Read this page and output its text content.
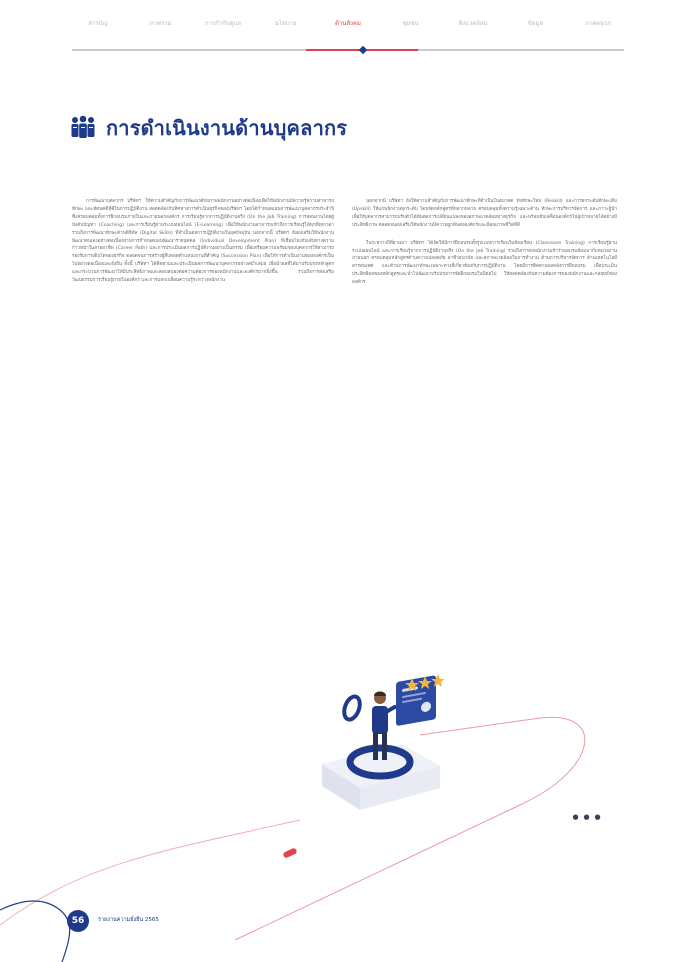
สารบัญ	ภาพรวม	การกำกับดูแล	นโยบาย	ด้านสังคม	ชุมชน	สิ่งแวดล้อม	ข้อมูล	ภาคผนวก
การดำเนินงานด้านบุคลากร

การพัฒนาบุคลากร บริษัทฯ ให้ความสำคัญกับการพัฒนาศักยภาพพนักงานอย่างต่อเนื่องเพื่อให้พนักงานมีความรู้ความสามารถ ทักษะ และทัศนคติที่ดีในการปฏิบัติงาน สอดคล้องกับทิศทางการดำเนินธุรกิจของบริษัทฯ โดยได้กำหนดแผนการพัฒนาบุคลากรประจำปี ซึ่งครอบคลุมทั้งการฝึกอบรมภายในและภายนอกองค์กร การเรียนรู้จากการปฏิบัติงานจริง (On the Job Training) การสอนงานโดยผู้บังคับบัญชา (Coaching) และการเรียนรู้ผ่านระบบออนไลน์ (E-Learning) เพื่อให้พนักงานสามารถเข้าถึงการเรียนรู้ได้ทุกที่ทุกเวลา รวมถึงการพัฒนาทักษะด้านดิจิทัล (Digital Skills) ที่จำเป็นต่อการปฏิบัติงานในยุคปัจจุบัน นอกจากนี้ บริษัทฯ ยังส่งเสริมให้พนักงานพัฒนาตนเองอย่างต่อเนื่องผ่านการกำหนดแผนพัฒนารายบุคคล (Individual Development Plan) ที่เชื่อมโยงกับเส้นทางความก้าวหน้าในสายอาชีพ (Career Path) และการประเมินผลการปฏิบัติงานอย่างเป็นธรรม เพื่อเตรียมความพร้อมของบุคลากรให้สามารถรองรับการเติบโตของธุรกิจ ตลอดจนการสร้างผู้สืบทอดตำแหน่งงานที่สำคัญ (Succession Plan) เพื่อให้การดำเนินงานขององค์กรเป็นไปอย่างต่อเนื่องและยั่งยืน ทั้งนี้ บริษัทฯ ได้ติดตามและประเมินผลการพัฒนาบุคลากรอย่างสม่ำเสมอ เพื่อนำผลที่ได้มาปรับปรุงหลักสูตรและกระบวนการพัฒนาให้มีประสิทธิภาพและตอบสนองต่อความต้องการของพนักงานและองค์กรมากยิ่งขึ้น รวมถึงการส่งเสริมวัฒนธรรมการเรียนรู้ภายในองค์กร และการแลกเปลี่ยนความรู้ระหว่างพนักงาน

นอกจากนี้ บริษัทฯ ยังให้ความสำคัญกับการพัฒนาทักษะที่จำเป็นในอนาคต ทั้งทักษะใหม่ (Reskill) และการยกระดับทักษะเดิม (Upskill) ให้แก่พนักงานทุกระดับ โดยจัดหลักสูตรที่หลากหลาย ครอบคลุมทั้งความรู้เฉพาะด้าน ทักษะการบริหารจัดการ และภาวะผู้นำ เพื่อให้บุคลากรสามารถปรับตัวได้ทันต่อการเปลี่ยนแปลงของสภาพแวดล้อมทางธุรกิจ และพร้อมขับเคลื่อนองค์กรไปสู่เป้าหมายได้อย่างมีประสิทธิภาพ ตลอดจนส่งเสริมให้พนักงานมีความผูกพันต่อองค์กรและมีคุณภาพชีวิตที่ดี

ในระหว่างปีที่ผ่านมา บริษัทฯ ได้จัดให้มีการฝึกอบรมทั้งรูปแบบการเรียนในห้องเรียน (Classroom Training) การเรียนรู้ผ่านระบบออนไลน์ และการเรียนรู้จากการปฏิบัติงานจริง (On the Job Training) รวมถึงการส่งพนักงานเข้าร่วมอบรมสัมมนากับหน่วยงานภายนอก ครอบคลุมหลักสูตรด้านความปลอดภัย อาชีวอนามัย และสภาพแวดล้อมในการทำงาน ด้านการบริหารจัดการ ด้านเทคโนโลยีสารสนเทศ และด้านการพัฒนาทักษะเฉพาะทางที่เกี่ยวข้องกับการปฏิบัติงาน โดยมีการติดตามผลหลังการฝึกอบรม เพื่อประเมินประสิทธิผลของหลักสูตรและนำไปพัฒนาปรับปรุงการจัดฝึกอบรมในปีต่อไป ให้สอดคล้องกับความต้องการของพนักงานและกลยุทธ์ขององค์กร

● ● ●
56	รายงานความยั่งยืน 2565
